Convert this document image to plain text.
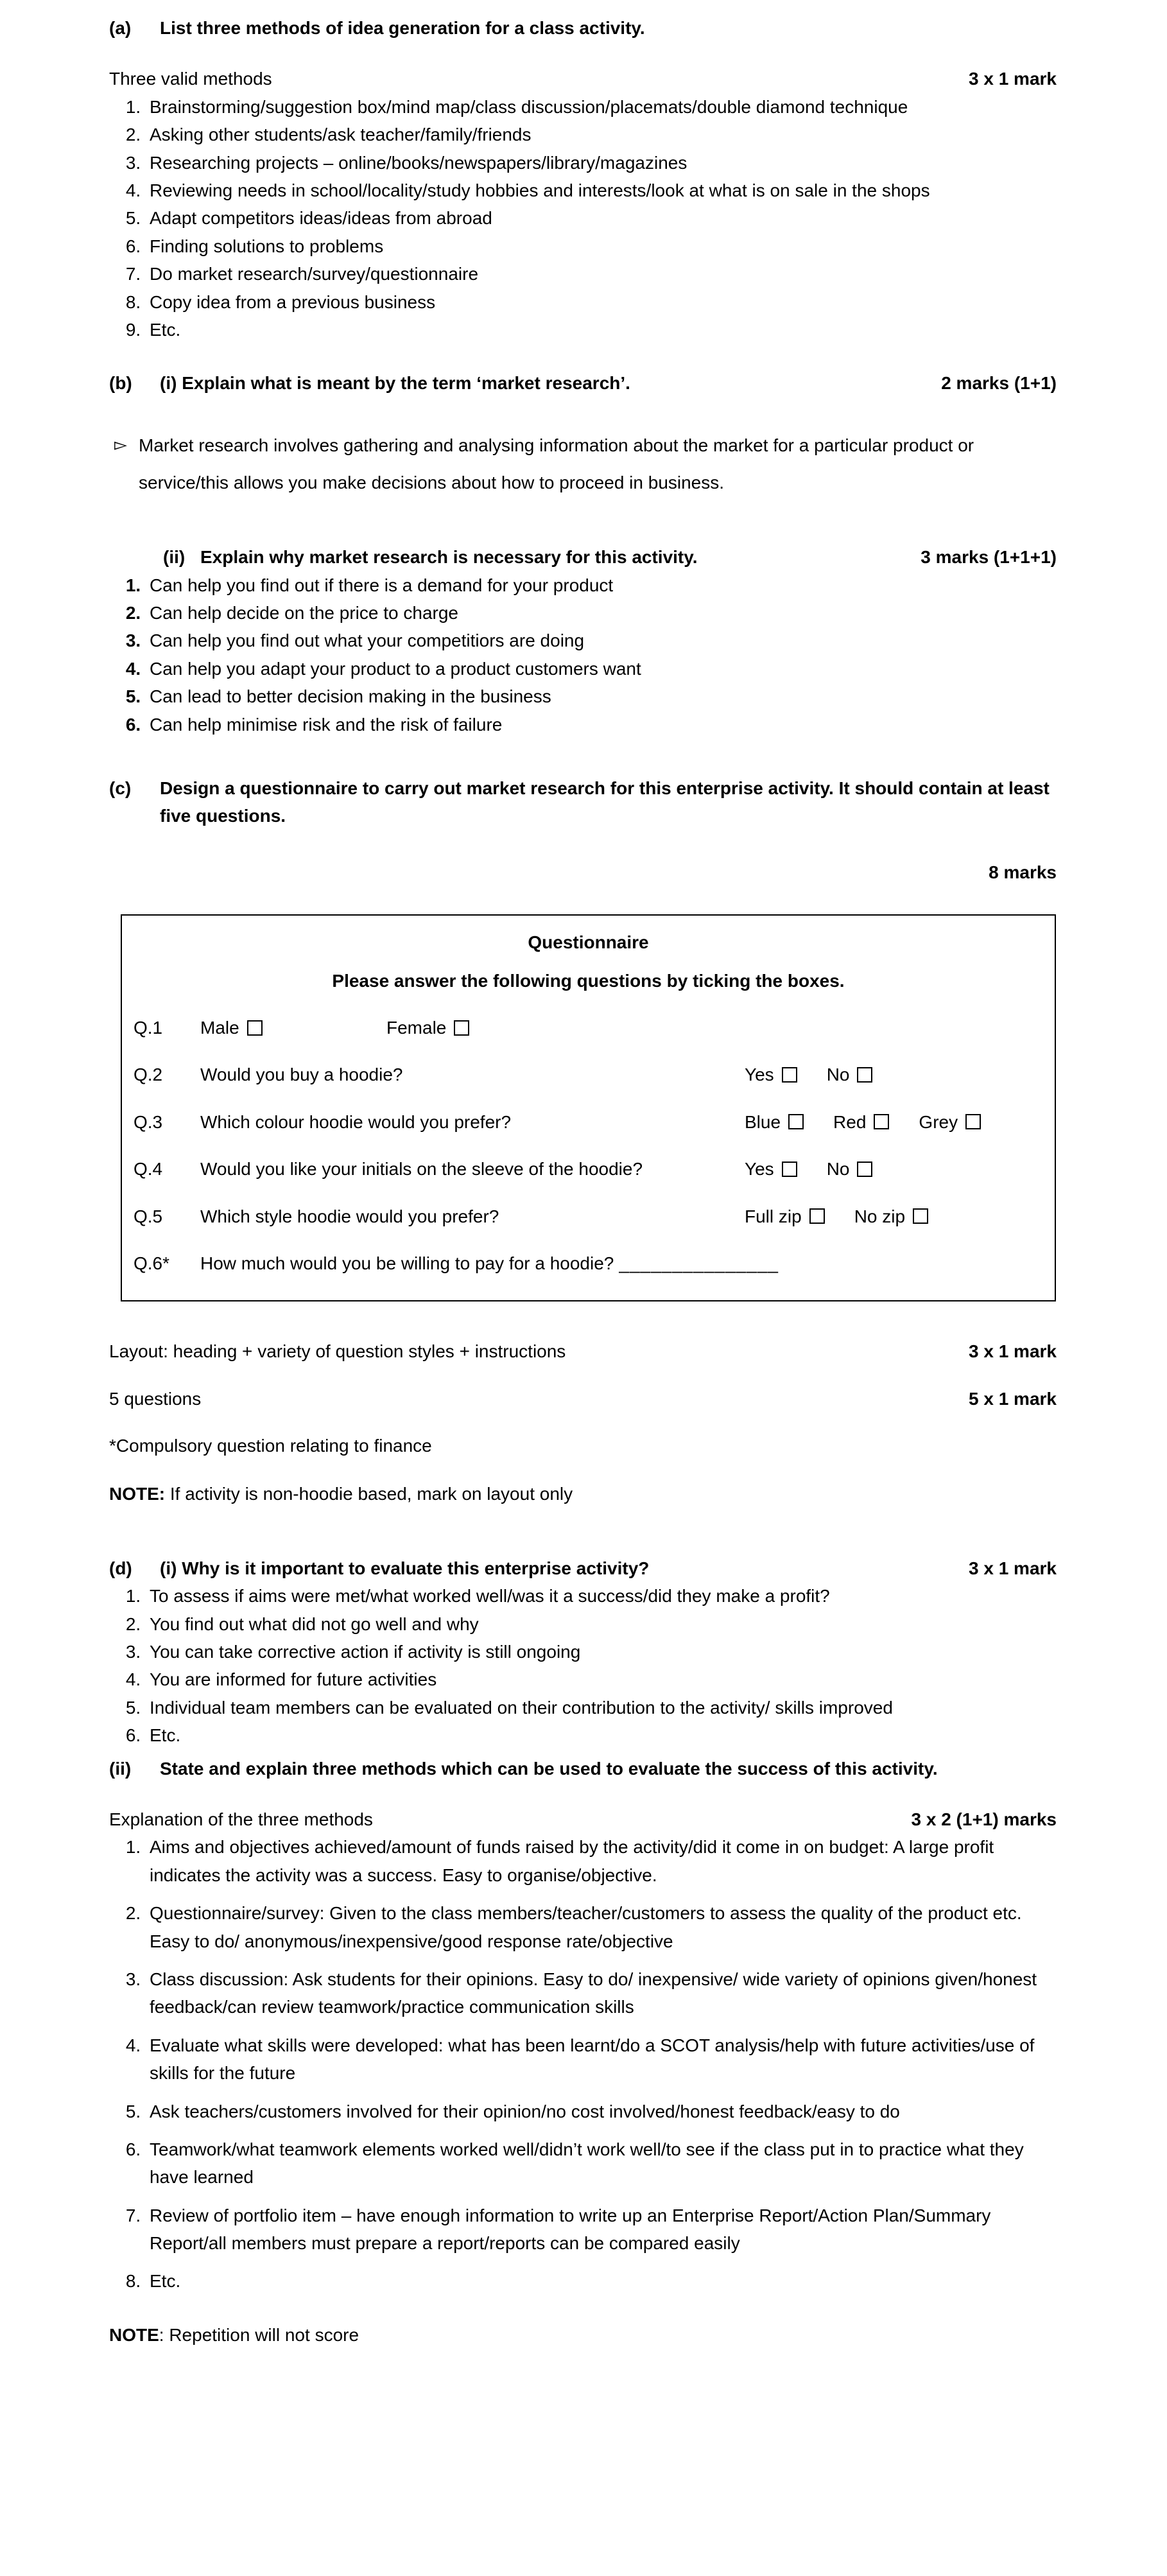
(a)	List three methods of idea generation for a class activity.
Three valid methods	3 x 1 mark
1. Brainstorming/suggestion box/mind map/class discussion/placemats/double diamond technique
2. Asking other students/ask teacher/family/friends
3. Researching projects – online/books/newspapers/library/magazines
4. Reviewing needs in school/locality/study hobbies and interests/look at what is on sale in the shops
5. Adapt competitors ideas/ideas from abroad
6. Finding solutions to problems
7. Do market research/survey/questionnaire
8. Copy idea from a previous business
9. Etc.
(b)	(i) Explain what is meant by the term ‘market research’.	2 marks (1+1)
▻ Market research involves gathering and analysing information about the market for a particular product or service/this allows you make decisions about how to proceed in business.
(ii) Explain why market research is necessary for this activity.	3 marks (1+1+1)
1. Can help you find out if there is a demand for your product
2. Can help decide on the price to charge
3. Can help you find out what your competitiors are doing
4. Can help you adapt your product to a product customers want
5. Can lead to better decision making in the business
6. Can help minimise risk and the risk of failure
(c)	Design a questionnaire to carry out market research for this enterprise activity. It should contain at least five questions.
8 marks
Questionnaire
Please answer the following questions by ticking the boxes.
Q.1	Male	Female
Q.2	Would you buy a hoodie?	Yes	No
Q.3	Which colour hoodie would you prefer?	Blue	Red	Grey
Q.4	Would you like your initials on the sleeve of the hoodie?	Yes	No
Q.5	Which style hoodie would you prefer?	Full zip	No zip
Q.6*	How much would you be willing to pay for a hoodie? _______________
Layout: heading + variety of question styles + instructions	3 x 1 mark
5 questions	5 x 1 mark
*Compulsory question relating to finance
NOTE: If activity is non-hoodie based, mark on layout only
(d)	(i) Why is it important to evaluate this enterprise activity?	3 x 1 mark
1. To assess if aims were met/what worked well/was it a success/did they make a profit?
2. You find out what did not go well and why
3. You can take corrective action if activity is still ongoing
4. You are informed for future activities
5. Individual team members can be evaluated on their contribution to the activity/ skills improved
6. Etc.
(ii)	State and explain three methods which can be used to evaluate the success of this activity.
Explanation of the three methods	3 x 2 (1+1) marks
1. Aims and objectives achieved/amount of funds raised by the activity/did it come in on budget: A large profit indicates the activity was a success. Easy to organise/objective.
2. Questionnaire/survey: Given to the class members/teacher/customers to assess the quality of the product etc. Easy to do/ anonymous/inexpensive/good response rate/objective
3. Class discussion: Ask students for their opinions. Easy to do/ inexpensive/ wide variety of opinions given/honest feedback/can review teamwork/practice communication skills
4. Evaluate what skills were developed: what has been learnt/do a SCOT analysis/help with future activities/use of skills for the future
5. Ask teachers/customers involved for their opinion/no cost involved/honest feedback/easy to do
6. Teamwork/what teamwork elements worked well/didn’t work well/to see if the class put in to practice what they have learned
7. Review of portfolio item – have enough information to write up an Enterprise Report/Action Plan/Summary Report/all members must prepare a report/reports can be compared easily
8. Etc.
NOTE: Repetition will not score
